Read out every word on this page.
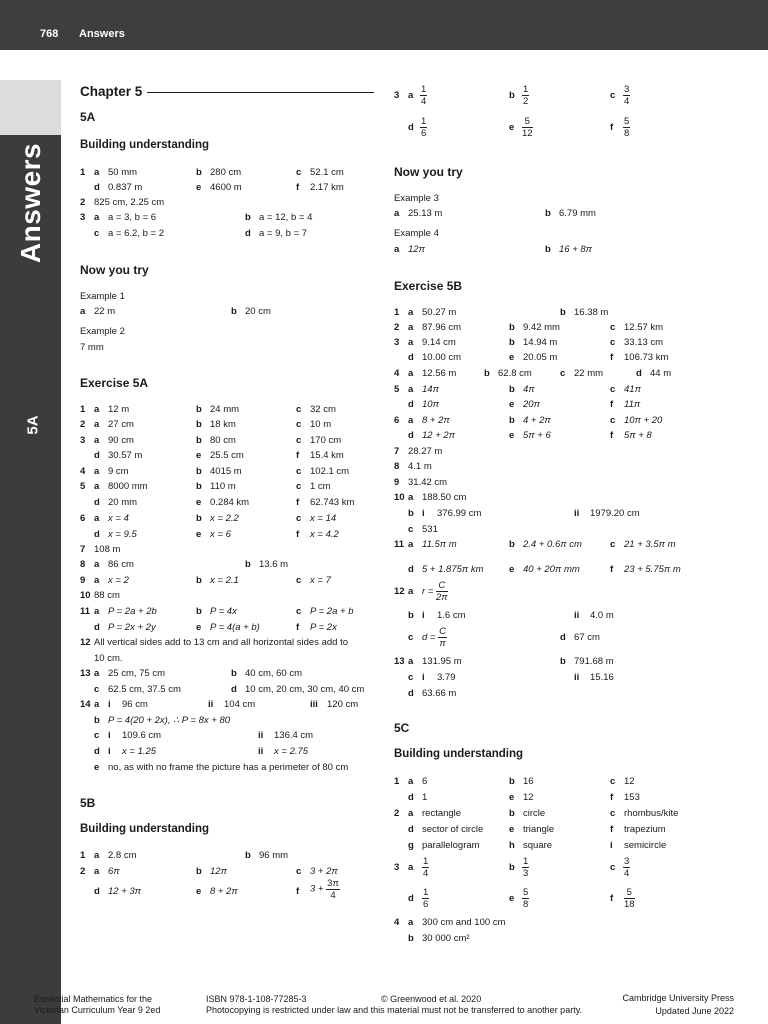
768 Answers
Answers
5A
Chapter 5
5A
Building understanding
1 a 50 mm	b 280 cm	c 52.1 cm
d 0.837 m	e 4600 m	f 2.17 km
2 825 cm, 2.25 cm
3 a a = 3, b = 6	b a = 12, b = 4
c a = 6.2, b = 2	d a = 9, b = 7
Now you try
Example 1
a 22 m	b 20 cm
Example 2
7 mm
Exercise 5A
1 a 12 m	b 24 mm	c 32 cm
2 a 27 cm	b 18 km	c 10 m
3 a 90 cm	b 80 cm	c 170 cm
d 30.57 m	e 25.5 cm	f 15.4 km
4 a 9 cm	b 4015 m	c 102.1 cm
5 a 8000 mm	b 110 m	c 1 cm
d 20 mm	e 0.284 km	f 62.743 km
6 a x = 4	b x = 2.2	c x = 14
d x = 9.5	e x = 6	f x = 4.2
7 108 m
8 a 86 cm	b 13.6 m
9 a x = 2	b x = 2.1	c x = 7
10 88 cm
11 a P = 2a + 2b	b P = 4x	c P = 2a + b
d P = 2x + 2y	e P = 4(a + b)	f P = 2x
12 All vertical sides add to 13 cm and all horizontal sides add to
10 cm.
13 a 25 cm, 75 cm	b 40 cm, 60 cm
c 62.5 cm, 37.5 cm	d 10 cm, 20 cm, 30 cm, 40 cm
14 a i 96 cm	ii 104 cm	iii 120 cm
b P = 4(20 + 2x), ∴ P = 8x + 80
c i 109.6 cm	ii 136.4 cm
d i x = 1.25	ii x = 2.75
e no, as with no frame the picture has a perimeter of 80 cm
5B
Building understanding
1 a 2.8 cm	b 96 mm
2 a 6π	b 12π	c 3 + 2π
d 12 + 3π	e 8 + 2π	f $3 + \frac{3\pi}{4}$
3 a $\frac{1}{4}$	b $\frac{1}{2}$	c $\frac{3}{4}$
d $\frac{1}{6}$	e $\frac{5}{12}$	f $\frac{5}{8}$
Now you try
Example 3
a 25.13 m	b 6.79 mm
Example 4
a 12π	b 16 + 8π
Exercise 5B
1 a 50.27 m	b 16.38 m
2 a 87.96 cm	b 9.42 mm	c 12.57 km
3 a 9.14 cm	b 14.94 m	c 33.13 cm
d 10.00 cm	e 20.05 m	f 106.73 km
4 a 12.56 m	b 62.8 cm	c 22 mm	d 44 m
5 a 14π	b 4π	c 41π
d 10π	e 20π	f 11π
6 a 8 + 2π	b 4 + 2π	c 10π + 20
d 12 + 2π	e 5π + 6	f 5π + 8
7 28.27 m
8 4.1 m
9 31.42 cm
10 a 188.50 cm
b i 376.99 cm	ii 1979.20 cm
c 531
11 a 11.5π m	b 2.4 + 0.6π cm	c 21 + 3.5π m
d 5 + 1.875π km	e 40 + 20π mm	f 23 + 5.75π m
12 a $r = \frac{C}{2\pi}$
b i 1.6 cm	ii 4.0 m
c $d = \frac{C}{\pi}$	d 67 cm
13 a 131.95 m	b 791.68 m
c i 3.79	ii 15.16
d 63.66 m
5C
Building understanding
1 a 6	b 16	c 12
d 1	e 12	f 153
2 a rectangle	b circle	c rhombus/kite
d sector of circle	e triangle	f trapezium
g parallelogram	h square	i semicircle
3 a $\frac{1}{4}$	b $\frac{1}{3}$	c $\frac{3}{4}$
d $\frac{1}{6}$	e $\frac{5}{8}$	f $\frac{5}{18}$
4 a 300 cm and 100 cm
b 30 000 cm²
Essential Mathematics for the
Victorian Curriculum Year 9 2ed
ISBN 978-1-108-77285-3	© Greenwood et al. 2020
Photocopying is restricted under law and this material must not be transferred to another party.
Cambridge University Press
Updated June 2022
